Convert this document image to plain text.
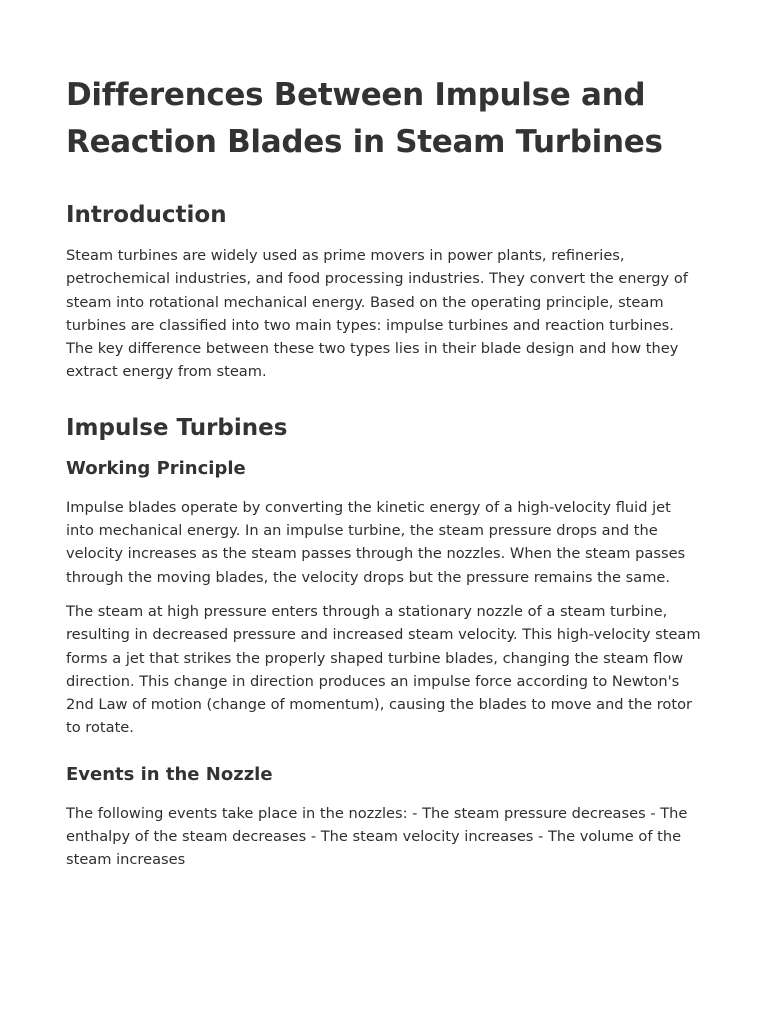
Differences Between Impulse and Reaction Blades in Steam Turbines
Introduction

Steam turbines are widely used as prime movers in power plants, refineries, petrochemical industries, and food processing industries. They convert the energy of steam into rotational mechanical energy. Based on the operating principle, steam turbines are classified into two main types: impulse turbines and reaction turbines. The key difference between these two types lies in their blade design and how they extract energy from steam.

Impulse Turbines
Working Principle

Impulse blades operate by converting the kinetic energy of a high-velocity fluid jet into mechanical energy. In an impulse turbine, the steam pressure drops and the velocity increases as the steam passes through the nozzles. When the steam passes through the moving blades, the velocity drops but the pressure remains the same.

The steam at high pressure enters through a stationary nozzle of a steam turbine, resulting in decreased pressure and increased steam velocity. This high-velocity steam forms a jet that strikes the properly shaped turbine blades, changing the steam flow direction. This change in direction produces an impulse force according to Newton's 2nd Law of motion (change of momentum), causing the blades to move and the rotor to rotate.

Events in the Nozzle

The following events take place in the nozzles: - The steam pressure decreases - The enthalpy of the steam decreases - The steam velocity increases - The volume of the steam increases
